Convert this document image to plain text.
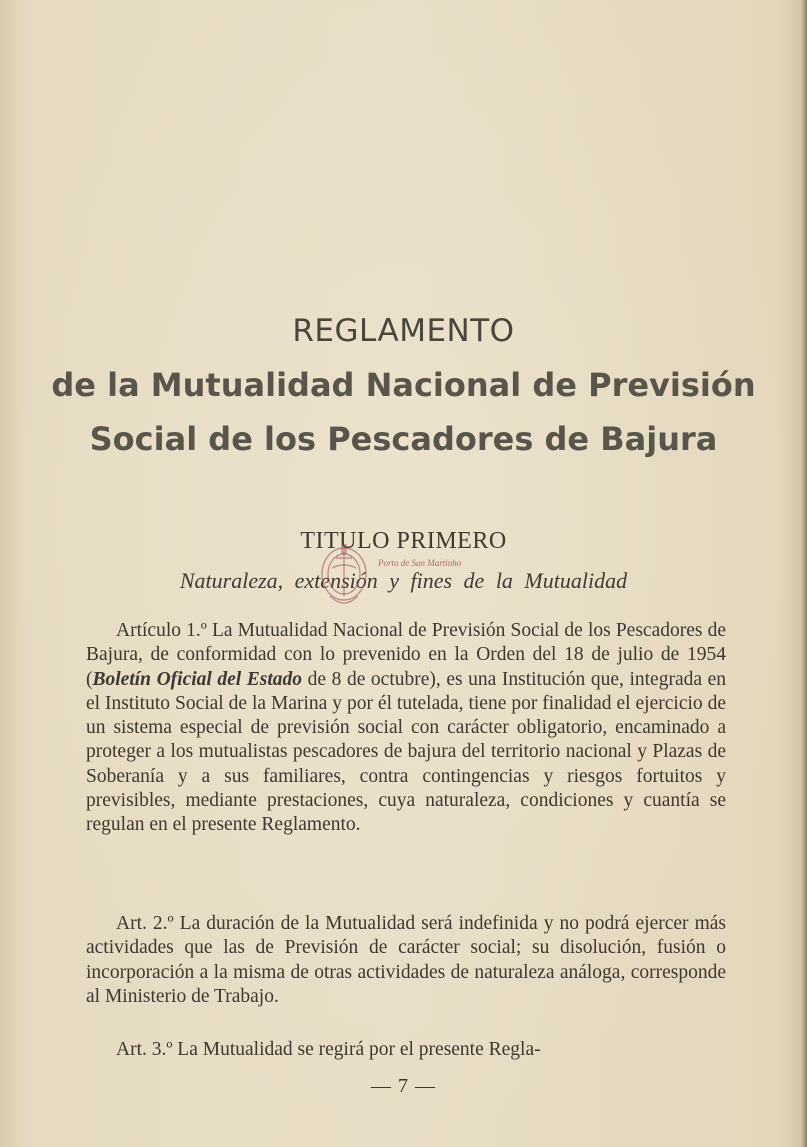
REGLAMENTO
de la Mutualidad Nacional de Previsión
Social de los Pescadores de Bajura
TITULO PRIMERO
Naturaleza, extensión y fines de la Mutualidad
Porto de San Martinho
Artículo 1.º La Mutualidad Nacional de Previsión Social de los Pescadores de Bajura, de conformidad con lo prevenido en la Orden del 18 de julio de 1954 (Boletín Oficial del Estado de 8 de octubre), es una Institución que, integrada en el Instituto Social de la Marina y por él tutelada, tiene por finalidad el ejercicio de un sistema especial de previsión social con carácter obligatorio, encaminado a proteger a los mutualistas pescadores de bajura del territorio nacional y Plazas de Soberanía y a sus familiares, contra contingencias y riesgos fortuitos y previsibles, mediante prestaciones, cuya naturaleza, condiciones y cuantía se regulan en el presente Reglamento.
Art. 2.º La duración de la Mutualidad será indefinida y no podrá ejercer más actividades que las de Previsión de carácter social; su disolución, fusión o incorporación a la misma de otras actividades de naturaleza análoga, corresponde al Ministerio de Trabajo.
Art. 3.º La Mutualidad se regirá por el presente Regla-
— 7 —
